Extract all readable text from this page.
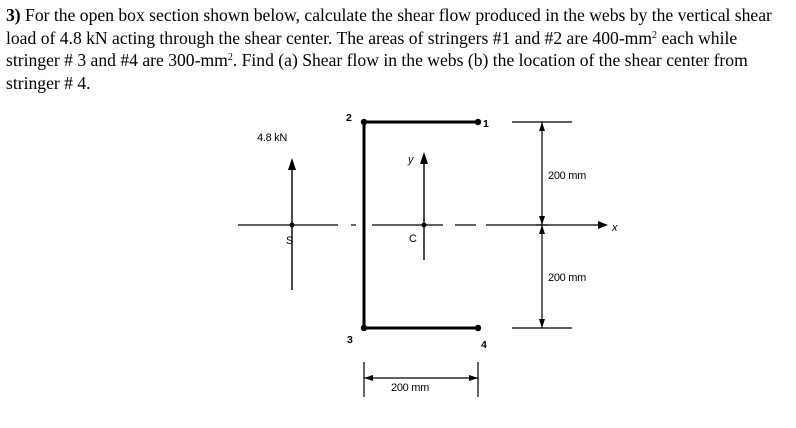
3) For the open box section shown below, calculate the shear flow produced in the webs by the vertical shear load of 4.8 kN acting through the shear center. The areas of stringers #1 and #2 are $400-mm^2$ each while stringer # 3 and #4 are $300-mm^2$. Find (a) Shear flow in the webs (b) the location of the shear center from stringer # 4.
x
4.8 kN
S
y
C
1
2
3	4
200 mm
200 mm
200 mm
